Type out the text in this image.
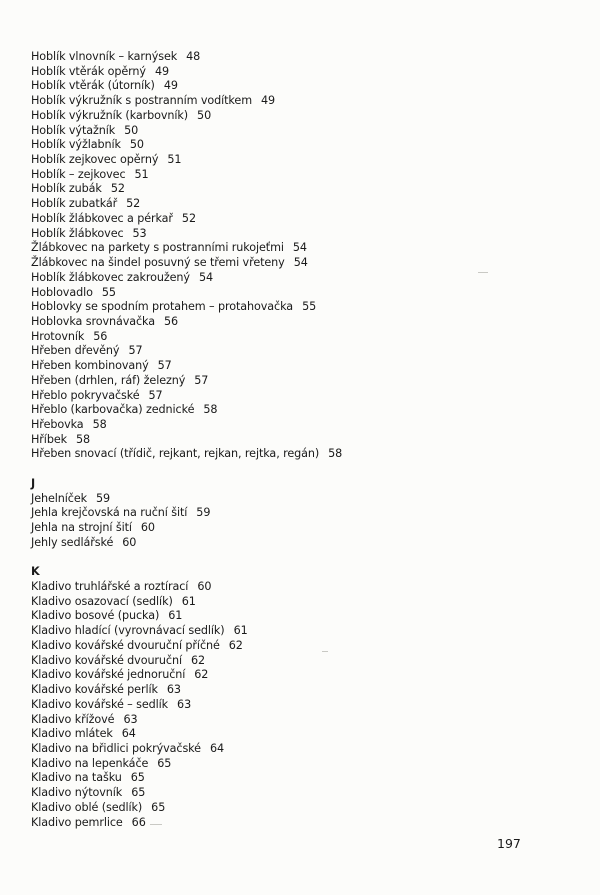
Hoblík vlnovník – karnýsek 48
Hoblík vtěrák opěrný 49
Hoblík vtěrák (útorník) 49
Hoblík výkružník s postranním vodítkem 49
Hoblík výkružník (karbovník) 50
Hoblík výtažník 50
Hoblík výžlabník 50
Hoblík zejkovec opěrný 51
Hoblík – zejkovec 51
Hoblík zubák 52
Hoblík zubatkář 52
Hoblík žlábkovec a pérkař 52
Hoblík žlábkovec 53
Žlábkovec na parkety s postranními rukojeťmi 54
Žlábkovec na šindel posuvný se třemi vřeteny 54
Hoblík žlábkovec zakroužený 54
Hoblovadlo 55
Hoblovky se spodním protahem – protahovačka 55
Hoblovka srovnávačka 56
Hrotovník 56
Hřeben dřevěný 57
Hřeben kombinovaný 57
Hřeben (drhlen, ráf) železný 57
Hřeblo pokryvačské 57
Hřeblo (karbovačka) zednické 58
Hřebovka 58
Hříbek 58
Hřeben snovací (třídič, rejkant, rejkan, rejtka, regán) 58
J
Jehelníček 59
Jehla krejčovská na ruční šití 59
Jehla na strojní šití 60
Jehly sedlářské 60
K
Kladivo truhlářské a roztírací 60
Kladivo osazovací (sedlík) 61
Kladivo bosové (pucka) 61
Kladivo hladící (vyrovnávací sedlík) 61
Kladivo kovářské dvouruční příčné 62
Kladivo kovářské dvouruční 62
Kladivo kovářské jednoruční 62
Kladivo kovářské perlík 63
Kladivo kovářské – sedlík 63
Kladivo křížové 63
Kladivo mlátek 64
Kladivo na břidlici pokrývačské 64
Kladivo na lepenkáče 65
Kladivo na tašku 65
Kladivo nýtovník 65
Kladivo oblé (sedlík) 65
Kladivo pemrlice 66
197
